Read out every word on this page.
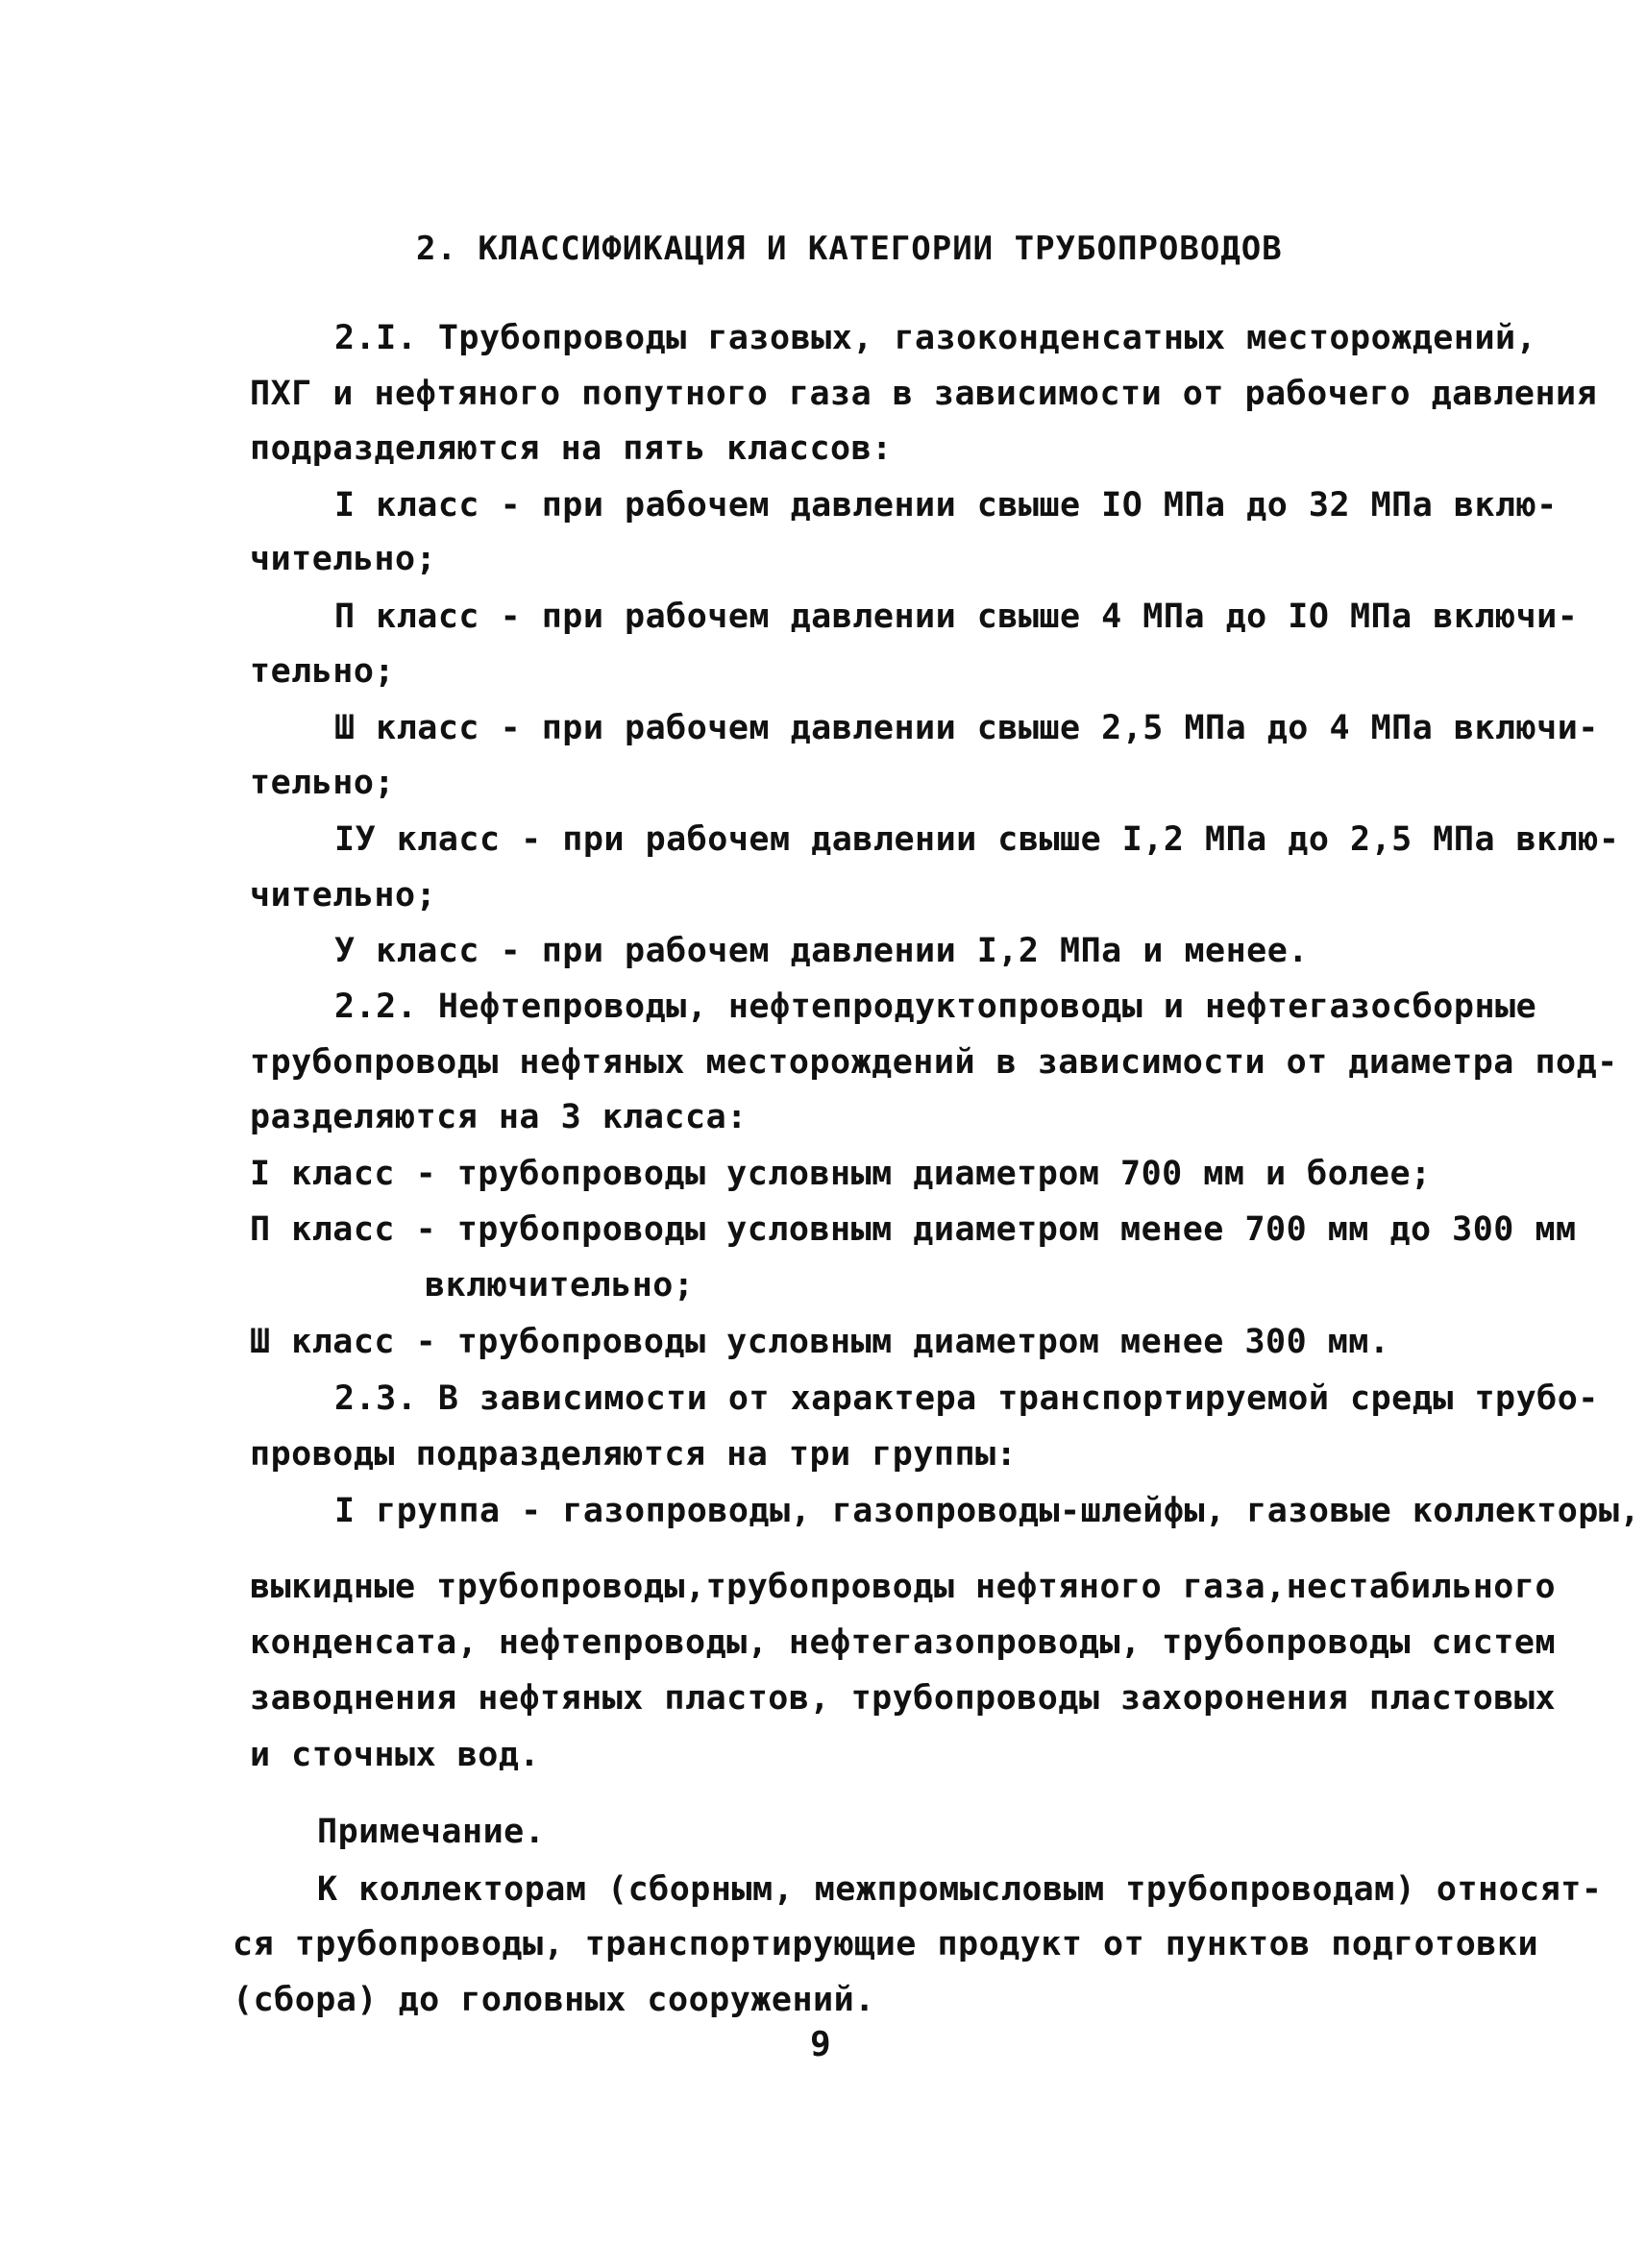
2. КЛАССИФИКАЦИЯ И КАТЕГОРИИ ТРУБОПРОВОДОВ
2.I. Трубопроводы газовых, газоконденсатных месторождений,
ПХГ и нефтяного попутного газа в зависимости от рабочего давления
подразделяются на пять классов:
I класс - при рабочем давлении свыше IO МПа до 32 МПа вклю-
чительно;
П класс - при рабочем давлении свыше 4 МПа до IO МПа включи-
тельно;
Ш класс - при рабочем давлении свыше 2,5 МПа до 4 МПа включи-
тельно;
IУ класс - при рабочем давлении свыше I,2 МПа до 2,5 МПа вклю-
чительно;
У класс - при рабочем давлении I,2 МПа и менее.
2.2. Нефтепроводы, нефтепродуктопроводы и нефтегазосборные
трубопроводы нефтяных месторождений в зависимости от диаметра под-
разделяются на 3 класса:
I класс - трубопроводы условным диаметром 700 мм и более;
П класс - трубопроводы условным диаметром менее 700 мм до 300 мм
включительно;
Ш класс - трубопроводы условным диаметром менее 300 мм.
2.3. В зависимости от характера транспортируемой среды трубо-
проводы подразделяются на три группы:
I группа - газопроводы, газопроводы-шлейфы, газовые коллекторы,
выкидные трубопроводы,трубопроводы нефтяного газа,нестабильного
конденсата, нефтепроводы, нефтегазопроводы, трубопроводы систем
заводнения нефтяных пластов, трубопроводы захоронения пластовых
и сточных вод.
Примечание.
К коллекторам (сборным, межпромысловым трубопроводам) относят-
ся трубопроводы, транспортирующие продукт от пунктов подготовки
(сбора) до головных сооружений.
9
